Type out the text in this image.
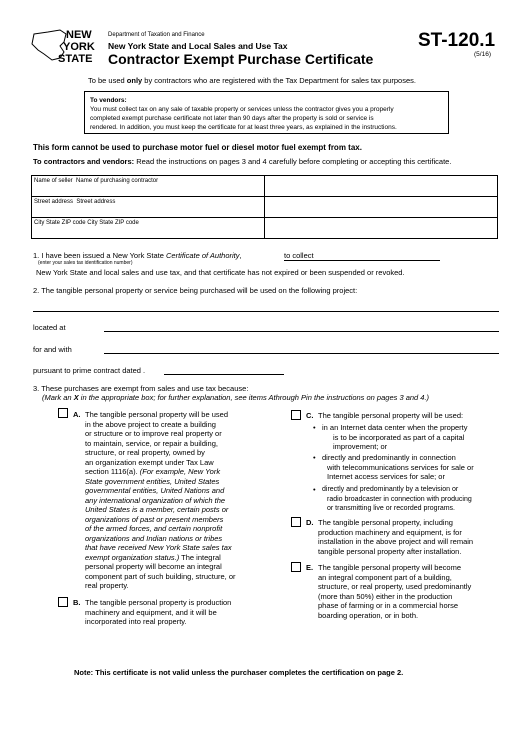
NEW
YORK
STATE
Department of Taxation and Finance
New York State and Local Sales and Use Tax
Contractor Exempt Purchase Certificate
ST-120.1
(5/16)
To be used only by contractors who are registered with the Tax Department for sales tax purposes.
To vendors:
You must collect tax on any sale of taxable property or services unless the contractor gives you a properly
completed exempt purchase certificate not later than 90 days after the property is sold or service is
rendered. In addition, you must keep the certificate for at least three years, as explained in the instructions.
This form cannot be used to purchase motor fuel or diesel motor fuel exempt from tax.
To contractors and vendors: Read the instructions on pages 3 and 4 carefully before completing or accepting this certificate.
Name of seller Name of purchasing contractor
Street address Street address
City State ZIP code City State ZIP code
1. I have been issued a New York State Certificate of Authority,	to collect
(enter your sales tax identification number)
New York State and local sales and use tax, and that certificate has not expired or been suspended or revoked.
2. The tangible personal property or service being purchased will be used on the following project:
located at
for and with
pursuant to prime contract dated .
3. These purchases are exempt from sales and use tax because:
(Mark an X in the appropriate box; for further explanation, see items Athrough Pin the instructions on pages 3 and 4.)
A. The tangible personal property will be used
in the above project to create a building
or structure or to improve real property or
to maintain, service, or repair a building,
structure, or real property, owned by
an organization exempt under Tax Law
section 1116(a). (For example, New York
State government entities, United States
governmental entities, United Nations and
any international organization of which the
United States is a member, certain posts or
organizations of past or present members
of the armed forces, and certain nonprofit
organizations and Indian nations or tribes
that have received New York State sales tax
exempt organization status.) The integral
personal property will become an integral
component part of such building, structure, or
real property.
B. The tangible personal property is production
machinery and equipment, and it will be
incorporated into real property.
C. The tangible personal property will be used:
• in an Internet data center when the property
is to be incorporated as part of a capital
improvement; or
• directly and predominantly in connection
with telecommunications services for sale or
Internet access services for sale; or
• directly and predominantly by a television or
radio broadcaster in connection with producing
or transmitting live or recorded programs.
D. The tangible personal property, including
production machinery and equipment, is for
installation in the above project and will remain
tangible personal property after installation.
E. The tangible personal property will become
an integral component part of a building,
structure, or real property, used predominantly
(more than 50%) either in the production
phase of farming or in a commercial horse
boarding operation, or in both.
Note: This certificate is not valid unless the purchaser completes the certification on page 2.
